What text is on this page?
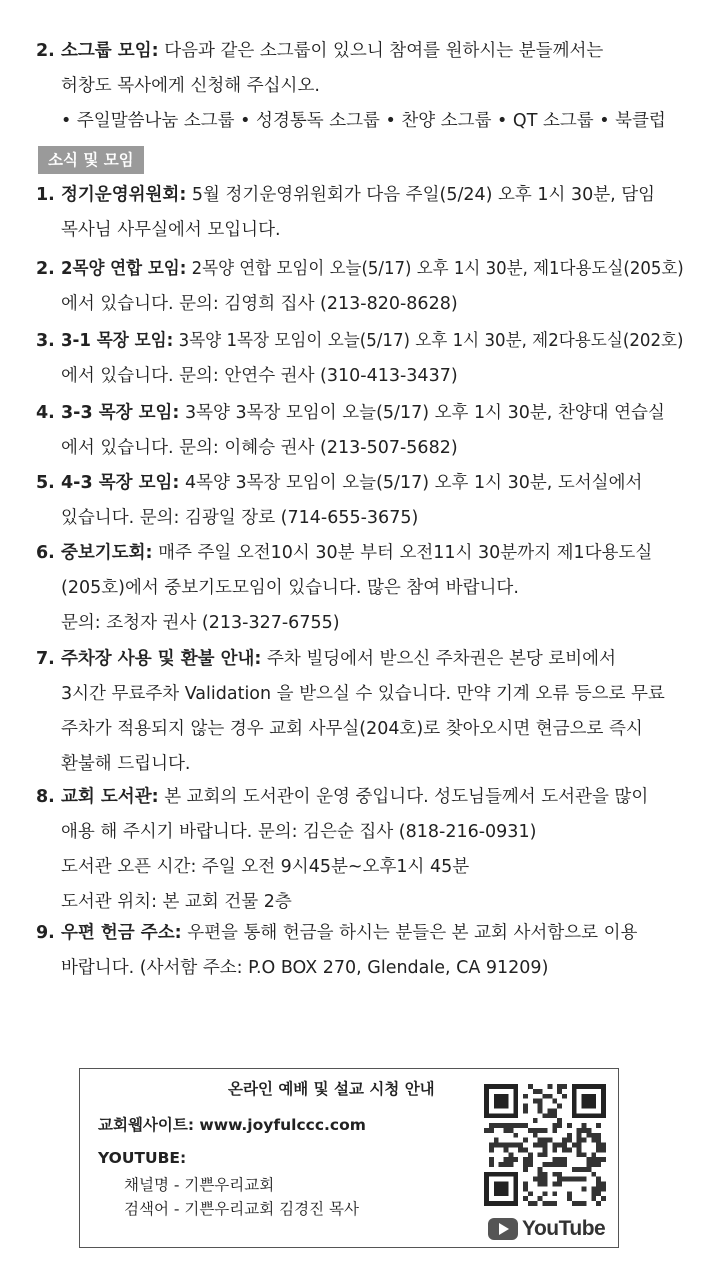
2. 소그룹 모임: 다음과 같은 소그룹이 있으니 참여를 원하시는 분들께서는
허창도 목사에게 신청해 주십시오.
• 주일말씀나눔 소그룹 • 성경통독 소그룹 • 찬양 소그룹 • QT 소그룹 • 북클럽
소식 및 모임
1. 정기운영위원회: 5월 정기운영위원회가 다음 주일(5/24) 오후 1시 30분, 담임
목사님 사무실에서 모입니다.
2. 2목양 연합 모임: 2목양 연합 모임이 오늘(5/17) 오후 1시 30분, 제1다용도실(205호)
에서 있습니다. 문의: 김영희 집사 (213-820-8628)
3. 3-1 목장 모임: 3목양 1목장 모임이 오늘(5/17) 오후 1시 30분, 제2다용도실(202호)
에서 있습니다. 문의: 안연수 권사 (310-413-3437)
4. 3-3 목장 모임: 3목양 3목장 모임이 오늘(5/17) 오후 1시 30분, 찬양대 연습실
에서 있습니다. 문의: 이혜승 권사 (213-507-5682)
5. 4-3 목장 모임: 4목양 3목장 모임이 오늘(5/17) 오후 1시 30분, 도서실에서
있습니다. 문의: 김광일 장로 (714-655-3675)
6. 중보기도회: 매주 주일 오전10시 30분 부터 오전11시 30분까지 제1다용도실
(205호)에서 중보기도모임이 있습니다. 많은 참여 바랍니다.
문의: 조청자 권사 (213-327-6755)
7. 주차장 사용 및 환불 안내: 주차 빌딩에서 받으신 주차권은 본당 로비에서
3시간 무료주차 Validation 을 받으실 수 있습니다. 만약 기계 오류 등으로 무료
주차가 적용되지 않는 경우 교회 사무실(204호)로 찾아오시면 현금으로 즉시
환불해 드립니다.
8. 교회 도서관: 본 교회의 도서관이 운영 중입니다. 성도님들께서 도서관을 많이
애용 해 주시기 바랍니다. 문의: 김은순 집사 (818-216-0931)
도서관 오픈 시간: 주일 오전 9시45분~오후1시 45분
도서관 위치: 본 교회 건물 2층
9. 우편 헌금 주소: 우편을 통해 헌금을 하시는 분들은 본 교회 사서함으로 이용
바랍니다. (사서함 주소: P.O BOX 270, Glendale, CA 91209)
온라인 예배 및 설교 시청 안내
교회웹사이트: www.joyfulccc.com
YOUTUBE:
채널명 - 기쁜우리교회
검색어 - 기쁜우리교회 김경진 목사
YouTube
